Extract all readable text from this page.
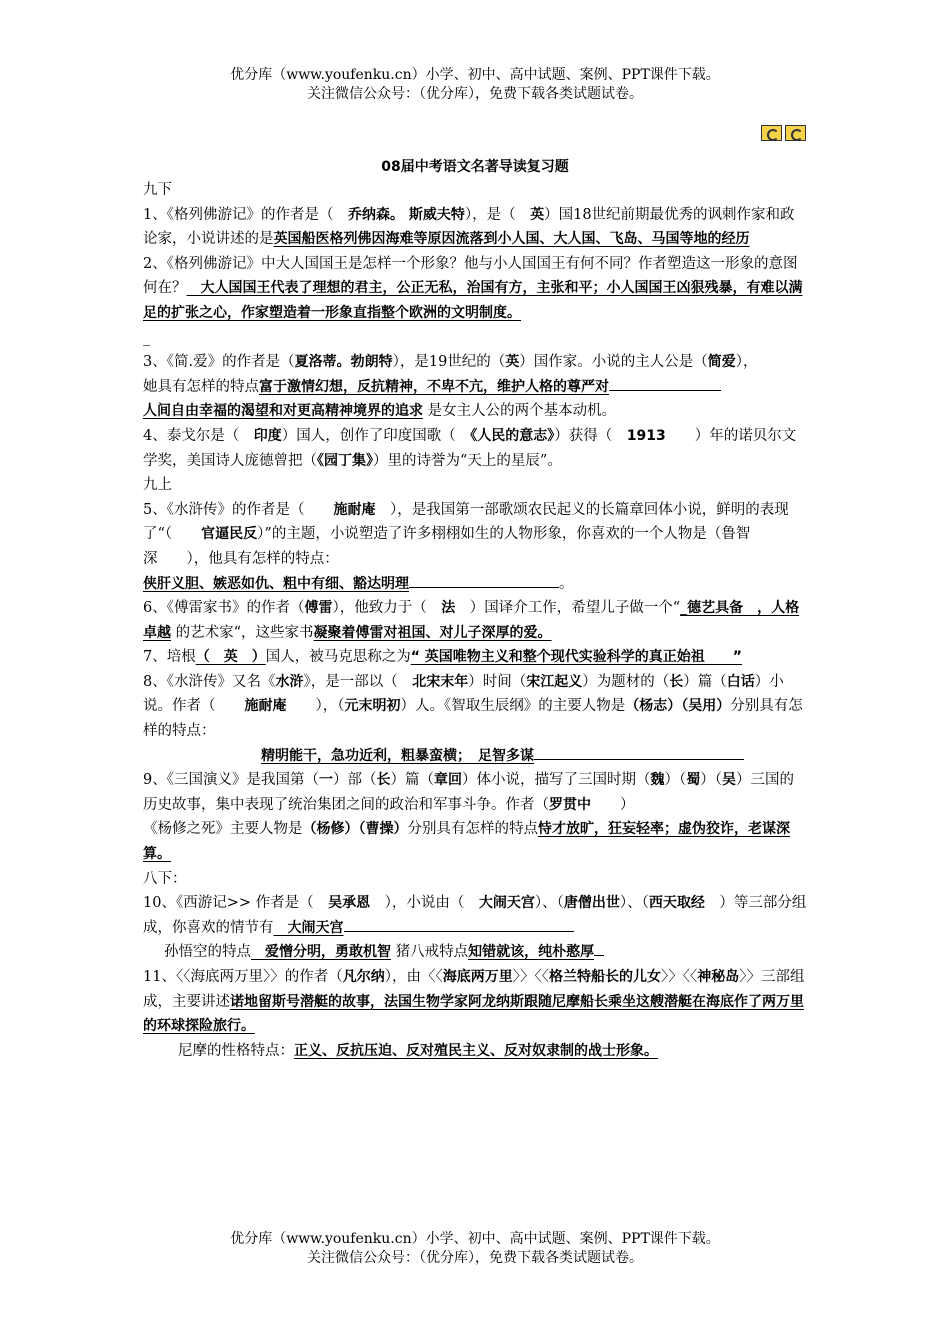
优分库（www.youfenku.cn）小学、初中、高中试题、案例、PPT课件下载。
关注微信公众号：（优分库），免费下载各类试题试卷。
08届中考语文名著导读复习题

九下

1、《格列佛游记》的作者是（　乔纳森。 斯威夫特），是（　英）国18世纪前期最优秀的讽刺作家和政论家，小说讲述的是英国船医格列佛因海难等原因流落到小人国、大人国、飞岛、马国等地的经历

2、《格列佛游记》中大人国国王是怎样一个形象？他与小人国国王有何不同？作者塑造这一形象的意图何在？　大人国国王代表了理想的君主，公正无私，治国有方，主张和平；小人国国王凶狠残暴，有难以满足的扩张之心，作家塑造着一形象直指整个欧洲的文明制度。
_

3、《简.爱》的作者是（夏洛蒂。勃朗特），是19世纪的（英）国作家。小说的主人公是（简爱），
她具有怎样的特点富于激情幻想，反抗精神，不卑不亢，维护人格的尊严对
人间自由幸福的渴望和对更高精神境界的追求 是女主人公的两个基本动机。

4、泰戈尔是（　印度）国人，创作了印度国歌（　《人民的意志》）获得（　1913　　）年的诺贝尔文学奖，美国诗人庞德曾把（《园丁集》）里的诗誉为“天上的星辰”。

九上

5、《水浒传》的作者是（　　施耐庵　），是我国第一部歌颂农民起义的长篇章回体小说，鲜明的表现了“（　　官逼民反）”的主题，小说塑造了许多栩栩如生的人物形象，你喜欢的一个人物是（鲁智深　　），他具有怎样的特点：
侠肝义胆、嫉恶如仇、粗中有细、豁达明理	。

6、《傅雷家书》的作者（傅雷），他致力于（　法　）国译介工作，希望儿子做一个“_德艺具备　，人格卓越 的艺术家“，这些家书凝聚着傅雷对祖国、对儿子深厚的爱。

7、培根（　英　）国人，被马克思称之为“ 英国唯物主义和整个现代实验科学的真正始祖　　”

8、《水浒传》又名《水浒》，是一部以（　北宋末年）时间（宋江起义）为题材的（长）篇（白话）小说。作者（　　施耐庵　　），（元末明初）人。《智取生辰纲》的主要人物是（杨志）（吴用）分别具有怎样的特点：
精明能干，急功近利，粗暴蛮横；　足智多谋

9、《三国演义》是我国第（一）部（长）篇（章回）体小说，描写了三国时期（魏）（蜀）（吴）三国的历史故事，集中表现了统治集团之间的政治和军事斗争。作者（罗贯中　　）
《杨修之死》主要人物是（杨修）（曹操）分别具有怎样的特点恃才放旷，狂妄轻率；虚伪狡诈，老谋深算。

八下：

10、《西游记>> 作者是（　吴承恩　），小说由（　大闹天宫）、（唐僧出世）、（西天取经　）等三部分组成，你喜欢的情节有　大闹天宫

孙悟空的特点　爱憎分明，勇敢机智 猪八戒特点知错就该，纯朴憨厚

11、〈〈海底两万里〉〉的作者（凡尔纳），由〈〈海底两万里〉〉〈〈格兰特船长的儿女〉〉〈〈神秘岛〉〉三部组成，主要讲述诺地留斯号潜艇的故事，法国生物学家阿龙纳斯跟随尼摩船长乘坐这艘潜艇在海底作了两万里的环球探险旅行。

尼摩的性格特点：正义、反抗压迫、反对殖民主义、反对奴隶制的战士形象。

优分库（www.youfenku.cn）小学、初中、高中试题、案例、PPT课件下载。
关注微信公众号：（优分库），免费下载各类试题试卷。
